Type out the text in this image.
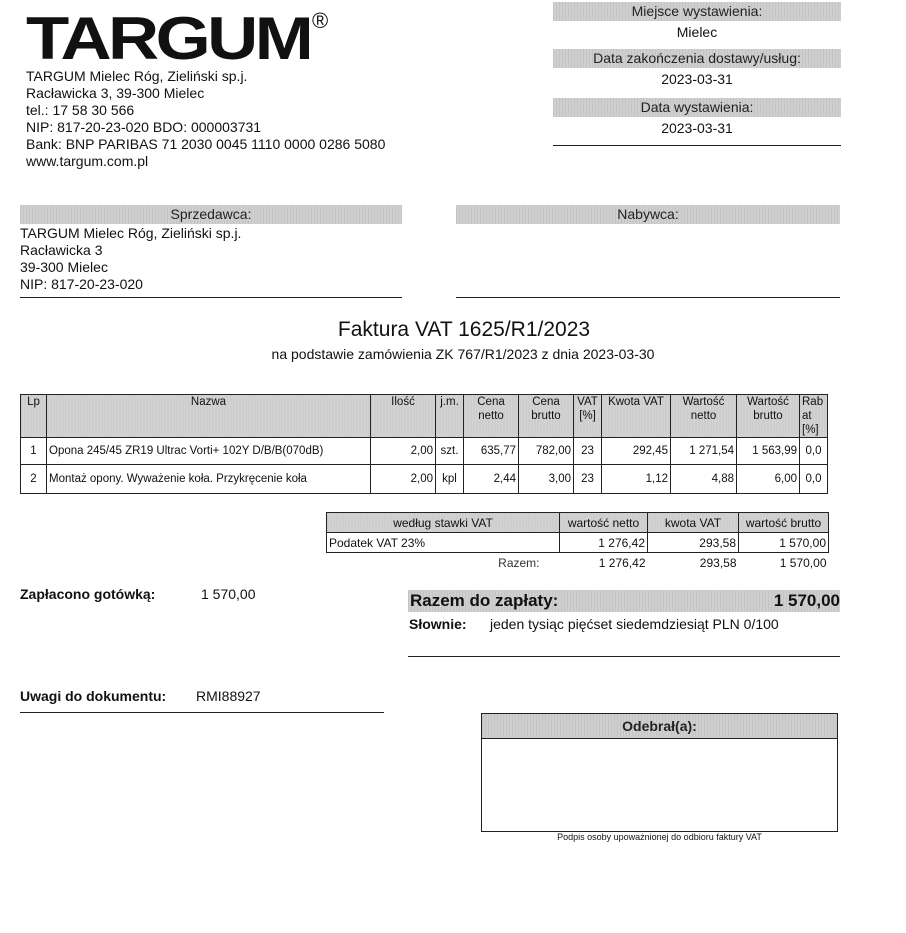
TARGUM ®
TARGUM Mielec Róg, Zieliński sp.j.
Racławicka 3, 39-300 Mielec
tel.: 17 58 30 566
NIP: 817-20-23-020 BDO: 000003731
Bank: BNP PARIBAS 71 2030 0045 1110 0000 0286 5080
www.targum.com.pl
Miejsce wystawienia:
Mielec
Data zakończenia dostawy/usług:
2023-03-31
Data wystawienia:
2023-03-31
Sprzedawca:
TARGUM Mielec Róg, Zieliński sp.j.
Racławicka 3
39-300 Mielec
NIP: 817-20-23-020
Nabywca:
Faktura VAT 1625/R1/2023
na podstawie zamówienia ZK 767/R1/2023 z dnia 2023-03-30
Lp	Nazwa	Ilość	j.m.	Cena netto	Cena brutto	VAT [%]	Kwota VAT	Wartość netto	Wartość brutto	Rab at [%]
1	Opona 245/45 ZR19 Ultrac Vorti+ 102Y D/B/B(070dB)	2,00	szt.	635,77	782,00	23	292,45	1 271,54	1 563,99	0,0
2	Montaż opony. Wyważenie koła. Przykręcenie koła	2,00	kpl	2,44	3,00	23	1,12	4,88	6,00	0,0
według stawki VAT	wartość netto	kwota VAT	wartość brutto
Podatek VAT 23%	1 276,42	293,58	1 570,00
Razem:	1 276,42	293,58	1 570,00
Zapłacono gotówką:	1 570,00	Razem do zapłaty:	1 570,00
Słownie: jeden tysiąc pięćset siedemdziesiąt PLN 0/100
Uwagi do dokumentu: RMI88927
Odebrał(a):
Podpis osoby upoważnionej do odbioru faktury VAT
